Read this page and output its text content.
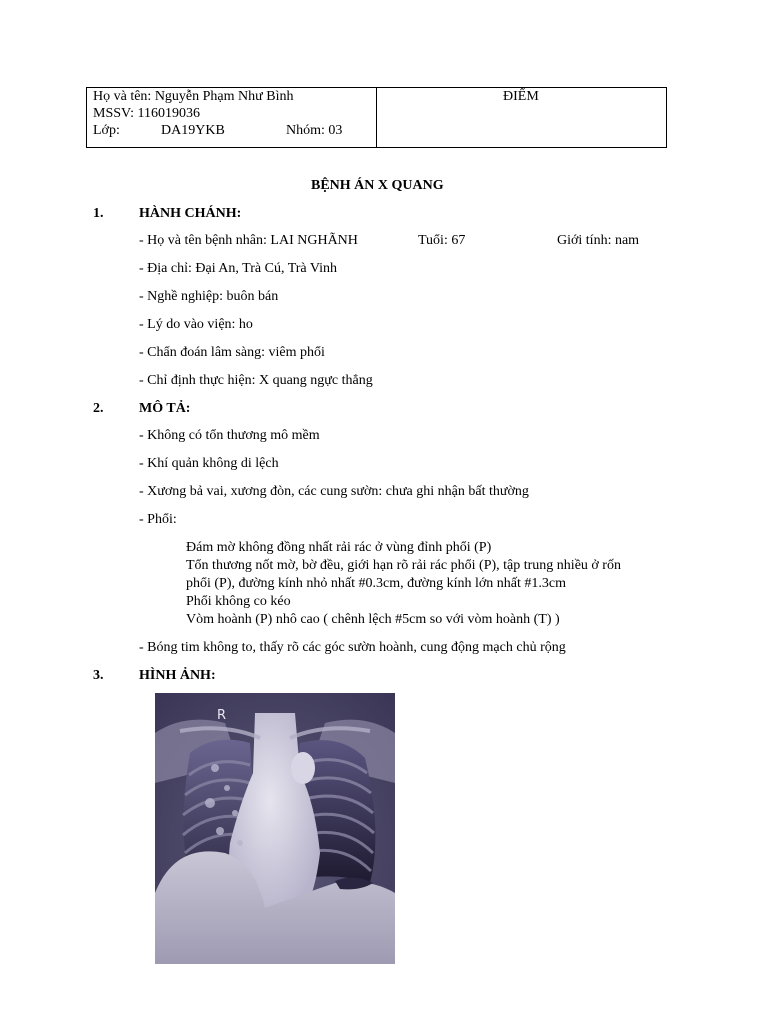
Họ và tên: Nguyễn Phạm Như Bình
MSSV: 116019036
Lớp:	DA19YKB	Nhóm: 03
ĐIỂM
BỆNH ÁN X QUANG
1.	HÀNH CHÁNH:
- Họ và tên bệnh nhân: LAI NGHÃNH	Tuổi: 67	Giới tính: nam
- Địa chỉ: Đại An, Trà Cú, Trà Vinh
- Nghề nghiệp: buôn bán
- Lý do vào viện: ho
- Chẩn đoán lâm sàng: viêm phổi
- Chỉ định thực hiện: X quang ngực thẳng
2.	MÔ TẢ:
- Không có tổn thương mô mềm
- Khí quản không di lệch
- Xương bả vai, xương đòn, các cung sườn: chưa ghi nhận bất thường
- Phổi:
Đám mờ không đồng nhất rải rác ở vùng đỉnh phổi (P)
Tổn thương nốt mờ, bờ đều, giới hạn rõ rải rác phổi (P), tập trung nhiều ở rốn
phổi (P), đường kính nhỏ nhất #0.3cm, đường kính lớn nhất #1.3cm
Phổi không co kéo
Vòm hoành (P) nhô cao ( chênh lệch #5cm so với vòm hoành (T) )
- Bóng tim không to, thấy rõ các góc sườn hoành, cung động mạch chủ rộng
3.	HÌNH ẢNH:
R
